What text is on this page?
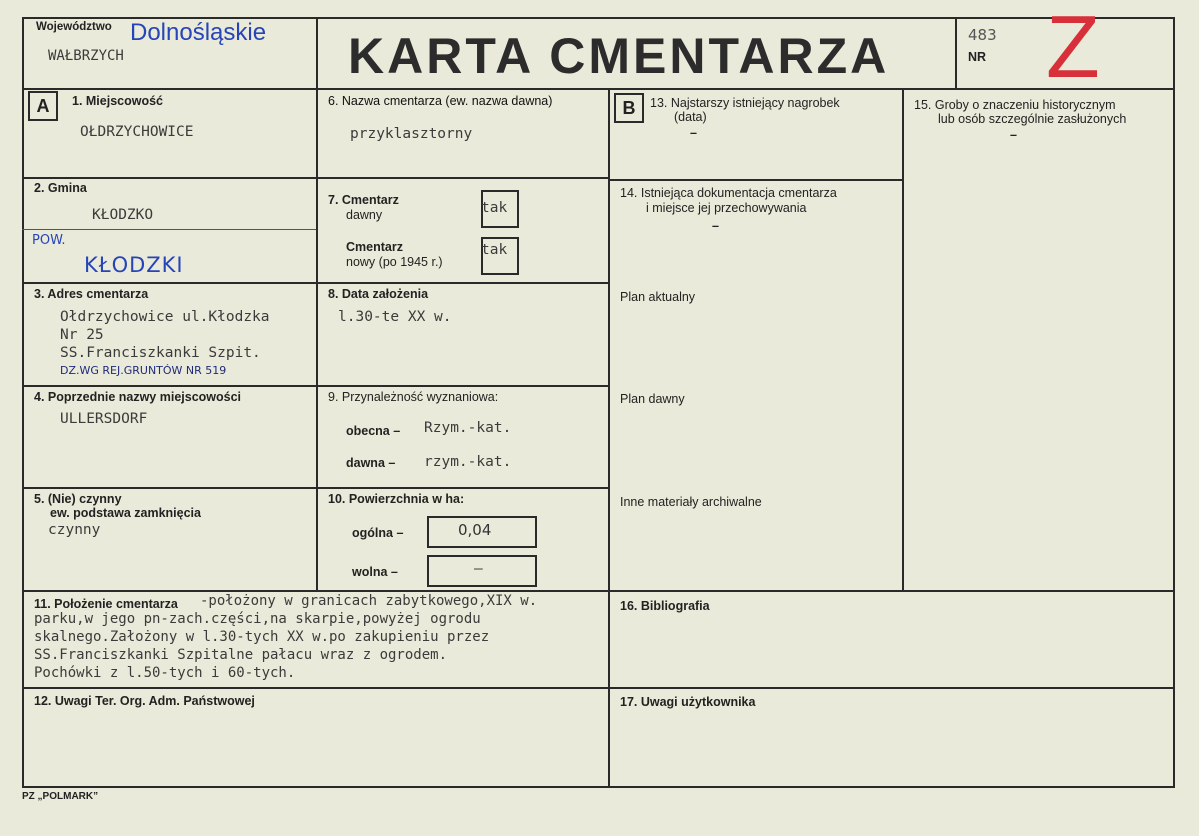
Województwo Dolnośląskie
WAŁBRZYCH	KARTA CMENTARZA	483
NR Z
A	B
1. Miejscowość
OŁDRZYCHOWICE
2. Gmina
KŁODZKO
POW.
KŁODZKI
3. Adres cmentarza
Ołdrzychowice ul.Kłodzka
Nr 25
SS.Franciszkanki Szpit.
DZ.WG REJ.GRUNTÓW NR 519
4. Poprzednie nazwy miejscowości
ULLERSDORF
5. (Nie) czynny
ew. podstawa zamknięcia
czynny
6. Nazwa cmentarza (ew. nazwa dawna)
przyklasztorny
7. Cmentarz
dawny	tak
Cmentarz
nowy (po 1945 r.)
tak
8. Data założenia
l.30-te XX w.
9. Przynależność wyznaniowa:
obecna – Rzym.-kat.
dawna – rzym.-kat.
10. Powierzchnia w ha:
ogólna –	0,04
wolna –	–
11. Położenie cmentarza -położony w granicach zabytkowego,XIX w.
parku,w jego pn-zach.części,na skarpie,powyżej ogrodu
skalnego.Założony w l.30-tych XX w.po zakupieniu przez
SS.Franciszkanki Szpitalne pałacu wraz z ogrodem.
Pochówki z l.50-tych i 60-tych.
12. Uwagi Ter. Org. Adm. Państwowej
13. Najstarszy istniejący nagrobek
(data)
–
14. Istniejąca dokumentacja cmentarza
i miejsce jej przechowywania
–
Plan aktualny
Plan dawny
Inne materiały archiwalne
15. Groby o znaczeniu historycznym
lub osób szczególnie zasłużonych
–
16. Bibliografia
17. Uwagi użytkownika
PZ „POLMARK”
